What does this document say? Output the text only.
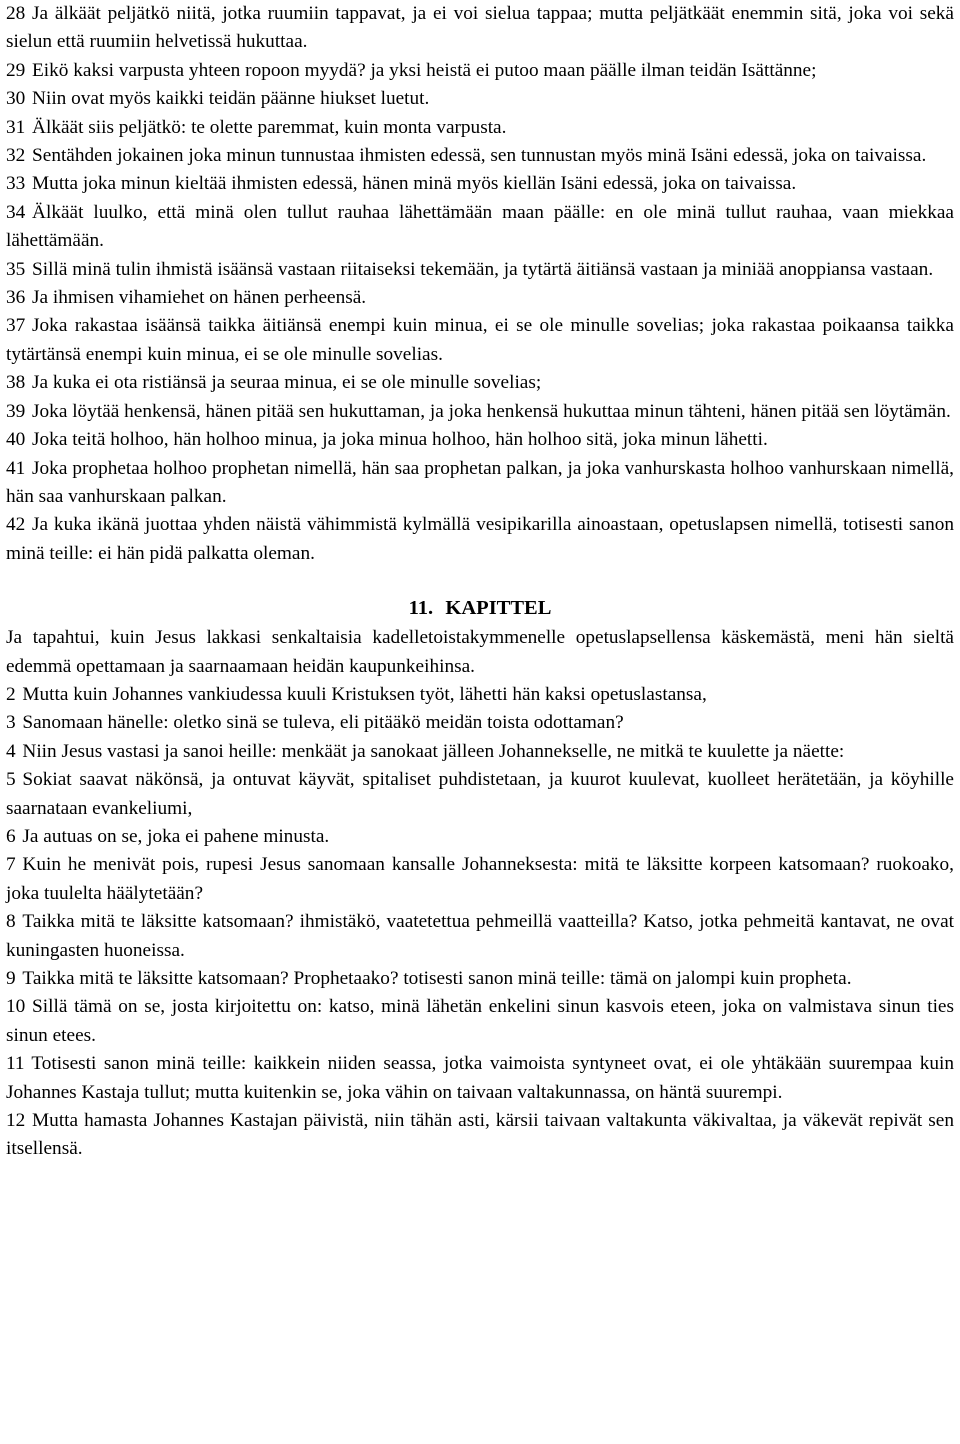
28 Ja älkäät peljätkö niitä, jotka ruumiin tappavat, ja ei voi sielua tappaa; mutta peljätkäät enemmin sitä, joka voi sekä sielun että ruumiin helvetissä hukuttaa.

29 Eikö kaksi varpusta yhteen ropoon myydä? ja yksi heistä ei putoo maan päälle ilman teidän Isättänne;

30 Niin ovat myös kaikki teidän päänne hiukset luetut.

31 Älkäät siis peljätkö: te olette paremmat, kuin monta varpusta.

32 Sentähden jokainen joka minun tunnustaa ihmisten edessä, sen tunnustan myös minä Isäni edessä, joka on taivaissa.

33 Mutta joka minun kieltää ihmisten edessä, hänen minä myös kiellän Isäni edessä, joka on taivaissa.

34 Älkäät luulko, että minä olen tullut rauhaa lähettämään maan päälle: en ole minä tullut rauhaa, vaan miekkaa lähettämään.

35 Sillä minä tulin ihmistä isäänsä vastaan riitaiseksi tekemään, ja tytärtä äitiänsä vastaan ja miniää anoppiansa vastaan.

36 Ja ihmisen vihamiehet on hänen perheensä.

37 Joka rakastaa isäänsä taikka äitiänsä enempi kuin minua, ei se ole minulle sovelias; joka rakastaa poikaansa taikka tytärtänsä enempi kuin minua, ei se ole minulle sovelias.

38 Ja kuka ei ota ristiänsä ja seuraa minua, ei se ole minulle sovelias;

39 Joka löytää henkensä, hänen pitää sen hukuttaman, ja joka henkensä hukuttaa minun tähteni, hänen pitää sen löytämän.

40 Joka teitä holhoo, hän holhoo minua, ja joka minua holhoo, hän holhoo sitä, joka minun lähetti.

41 Joka prophetaa holhoo prophetan nimellä, hän saa prophetan palkan, ja joka vanhurskasta holhoo vanhurskaan nimellä, hän saa vanhurskaan palkan.

42 Ja kuka ikänä juottaa yhden näistä vähimmistä kylmällä vesipikarilla ainoastaan, opetuslapsen nimellä, totisesti sanon minä teille: ei hän pidä palkatta oleman.

11. KAPITTEL

Ja tapahtui, kuin Jesus lakkasi senkaltaisia kadelletoistakymmenelle opetuslapsellensa käskemästä, meni hän sieltä edemmä opettamaan ja saarnaamaan heidän kaupunkeihinsa.

2 Mutta kuin Johannes vankiudessa kuuli Kristuksen työt, lähetti hän kaksi opetuslastansa,

3 Sanomaan hänelle: oletko sinä se tuleva, eli pitääkö meidän toista odottaman?

4 Niin Jesus vastasi ja sanoi heille: menkäät ja sanokaat jälleen Johannekselle, ne mitkä te kuulette ja näette:

5 Sokiat saavat näkönsä, ja ontuvat käyvät, spitaliset puhdistetaan, ja kuurot kuulevat, kuolleet herätetään, ja köyhille saarnataan evankeliumi,

6 Ja autuas on se, joka ei pahene minusta.

7 Kuin he menivät pois, rupesi Jesus sanomaan kansalle Johanneksesta: mitä te läksitte korpeen katsomaan? ruokoako, joka tuulelta häälytetään?

8 Taikka mitä te läksitte katsomaan? ihmistäkö, vaatetettua pehmeillä vaatteilla? Katso, jotka pehmeitä kantavat, ne ovat kuningasten huoneissa.

9 Taikka mitä te läksitte katsomaan? Prophetaako? totisesti sanon minä teille: tämä on jalompi kuin propheta.

10 Sillä tämä on se, josta kirjoitettu on: katso, minä lähetän enkelini sinun kasvois eteen, joka on valmistava sinun ties sinun etees.

11 Totisesti sanon minä teille: kaikkein niiden seassa, jotka vaimoista syntyneet ovat, ei ole yhtäkään suurempaa kuin Johannes Kastaja tullut; mutta kuitenkin se, joka vähin on taivaan valtakunnassa, on häntä suurempi.

12 Mutta hamasta Johannes Kastajan päivistä, niin tähän asti, kärsii taivaan valtakunta väkivaltaa, ja väkevät repivät sen itsellensä.
